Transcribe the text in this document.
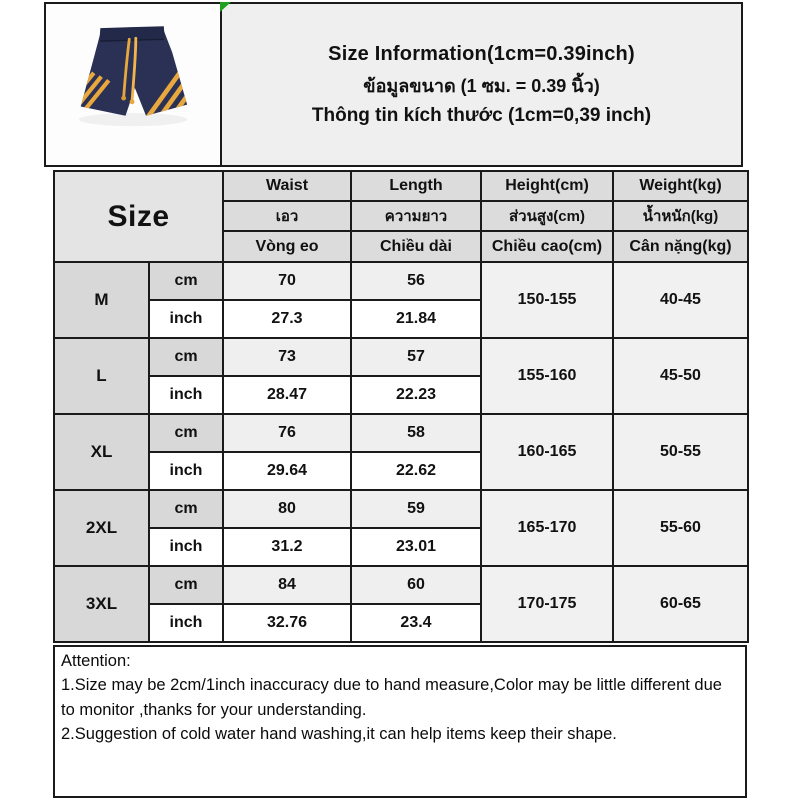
Size Information(1cm=0.39inch)
ข้อมูลขนาด (1 ซม. = 0.39 นิ้ว)
Thông tin kích thước (1cm=0,39 inch)
Size		Waist	Length	Height(cm)	Weight(kg)
		เอว	ความยาว	ส่วนสูง(cm)	น้ำหนัก(kg)
		Vòng eo	Chiều dài	Chiều cao(cm)	Cân nặng(kg)
M	cm	70	56	150-155	40-45
	inch	27.3	21.84		
L	cm	73	57	155-160	45-50
	inch	28.47	22.23		
XL	cm	76	58	160-165	50-55
	inch	29.64	22.62		
2XL	cm	80	59	165-170	55-60
	inch	31.2	23.01		
3XL	cm	84	60	170-175	60-65
	inch	32.76	23.4		

Attention:

1.Size may be 2cm/1inch inaccuracy due to hand measure,Color may be little different due to monitor ,thanks for your understanding.

2.Suggestion of cold water hand washing,it can help items keep their shape.
